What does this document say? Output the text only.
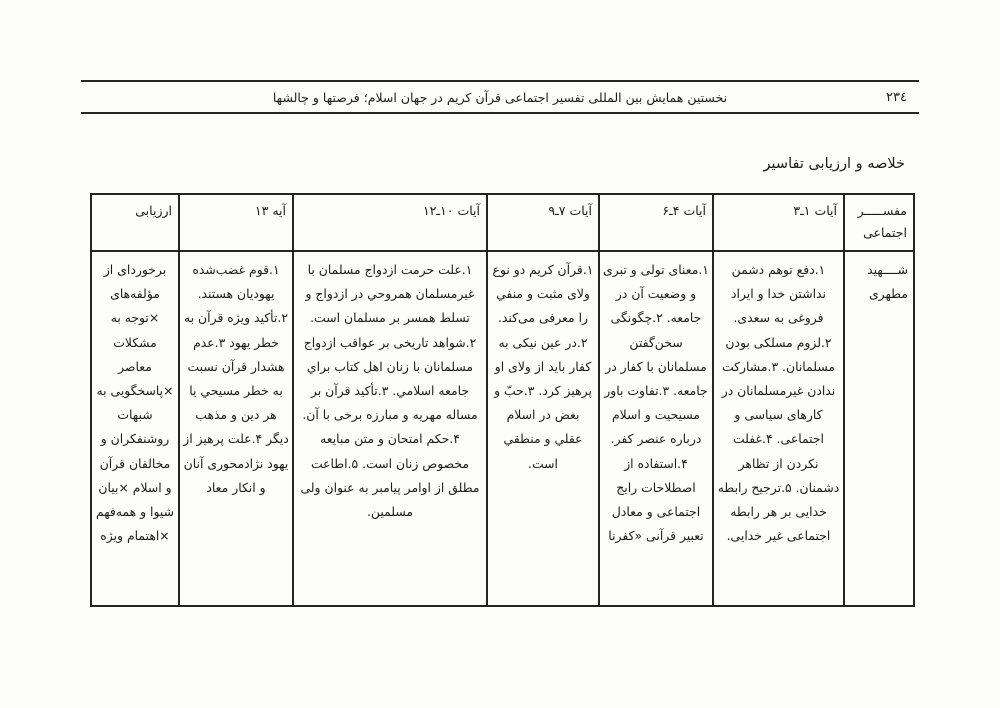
نخستین همایش بین المللی تفسیر اجتماعی قرآن کریم در جهان اسلام؛ فرصتها و چالشها	٢٣٤
خلاصه و ارزیابی تفاسیر
مفســـــر
اجتماعی	آیات ۱ـ۳	آیات ۴ـ۶	آیات ۷ـ۹	آیات ۱۰ـ۱۲	آیه ۱۳	ارزیابی

شــــهید
مطهری
	۱.دفع توهم دشمن نداشتن خدا و ایراد فروغی به سعدی. ۲.لزوم مسلکی بودن مسلمانان. ۳.مشارکت ندادن غیرمسلمانان در کارهای سیاسی و اجتماعی. ۴.غفلت نکردن از تظاهر دشمنان. ۵.ترجیح رابطه خدایی بر هر رابطه اجتماعی غیر خدایی.	۱.معنای تولی و تبری و وضعیت آن در جامعه. ۲.چگونگی سخن‌گفتن مسلمانان با کفار در جامعه. ۳.تفاوت باور مسیحیت و اسلام درباره عنصر کفر. ۴.استفاده از اصطلاحات رایج اجتماعی و معادل تعبیر قرآنی «کفرنا	۱.قرآن کریم دو نوع ولای مثبت و منفي را معرفی می‌کند. ۲.در عین نیکی به کفار باید از ولای او پرهیز کرد. ۳.حبّ و بغض در اسلام عقلي و منطقي است.	۱.علت حرمت ازدواج مسلمان با غیرمسلمان همروحي در ازدواج و تسلط همسر بر مسلمان است. ۲.شواهد تاریخی بر عواقب ازدواج مسلمانان با زنان اهل کتاب براي جامعه اسلامي. ۳.تأکید قرآن بر مساله مهریه و مبارزه برخی با آن. ۴.حکم امتحان و متن مبایعه مخصوص زنان است. ۵.اطاعت مطلق از اوامر پیامبر به عنوان ولی مسلمین.	۱.قوم غضب‌شده یهودیان هستند. ۲.تأکید ویژه قرآن به خطر یهود ۳.عدم هشدار قرآن نسبت به خطر مسیحي یا هر دین و مذهب دیگر ۴.علت پرهیز از یهود نژادمحوری آنان و انکار معاد	برخوردای از مؤلفه‌های ×توجه به مشکلات معاصر ×پاسخگویی به شبهات روشنفکران و مخالفان قرآن و اسلام ×بیان شیوا و همه‌فهم ×اهتمام ویژه
